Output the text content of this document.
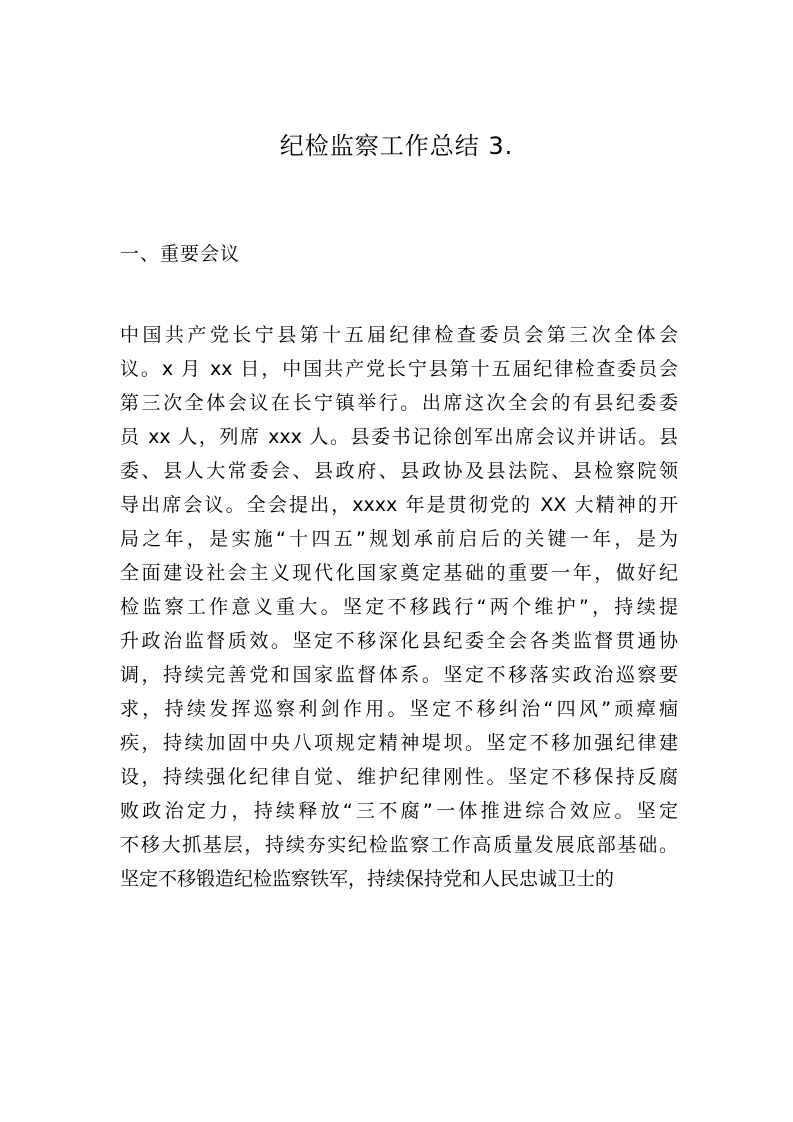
纪检监察工作总结 3.
一、重要会议
中国共产党长宁县第十五届纪律检查委员会第三次全体会
议。x 月 xx 日，中国共产党长宁县第十五届纪律检查委员会
第三次全体会议在长宁镇举行。出席这次全会的有县纪委委
员 xx 人，列席 xxx 人。县委书记徐创军出席会议并讲话。县
委、县人大常委会、县政府、县政协及县法院、县检察院领
导出席会议。全会提出，xxxx 年是贯彻党的 XX 大精神的开
局之年，是实施“十四五”规划承前启后的关键一年，是为
全面建设社会主义现代化国家奠定基础的重要一年，做好纪
检监察工作意义重大。坚定不移践行“两个维护”，持续提
升政治监督质效。坚定不移深化县纪委全会各类监督贯通协
调，持续完善党和国家监督体系。坚定不移落实政治巡察要
求，持续发挥巡察利剑作用。坚定不移纠治“四风”顽瘴痼
疾，持续加固中央八项规定精神堤坝。坚定不移加强纪律建
设，持续强化纪律自觉、维护纪律刚性。坚定不移保持反腐
败政治定力，持续释放“三不腐”一体推进综合效应。坚定
不移大抓基层，持续夯实纪检监察工作高质量发展底部基础。
坚定不移锻造纪检监察铁军，持续保持党和人民忠诚卫士的
